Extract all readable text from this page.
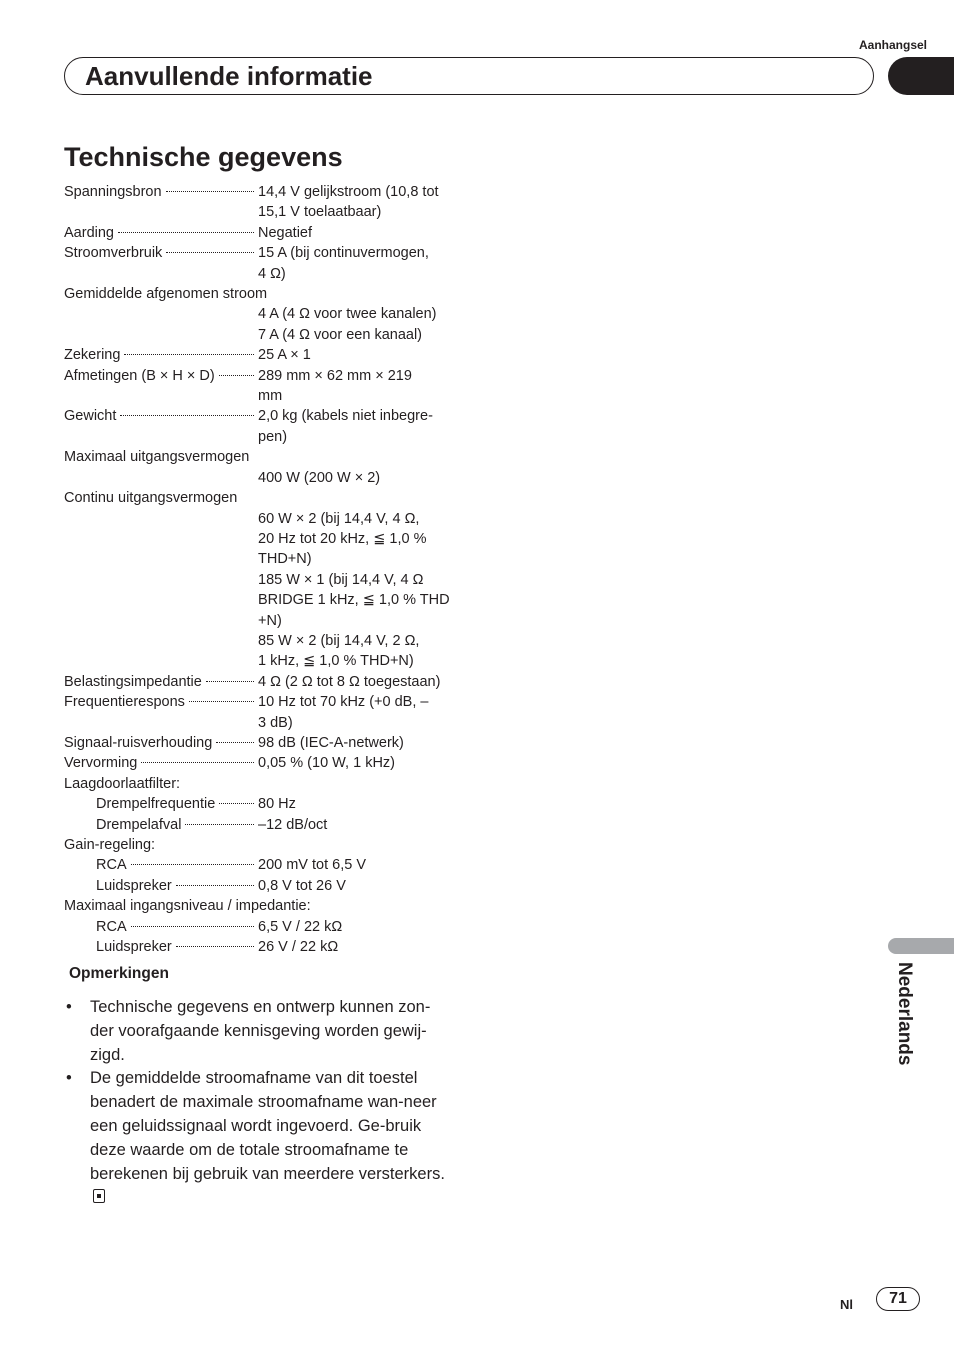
Aanhangsel
Aanvullende informatie
Technische gegevens
Spanningsbron	14,4 V gelijkstroom (10,8 tot
15,1 V toelaatbaar)
Aarding	Negatief
Stroomverbruik	15 A (bij continuvermogen,
4 Ω)
Gemiddelde afgenomen stroom
4 A (4 Ω voor twee kanalen)
7 A (4 Ω voor een kanaal)
Zekering	25 A × 1
Afmetingen (B × H × D)	289 mm × 62 mm × 219
mm
Gewicht	2,0 kg (kabels niet inbegre-
pen)
Maximaal uitgangsvermogen
400 W (200 W × 2)
Continu uitgangsvermogen
60 W × 2 (bij 14,4 V, 4 Ω,
20 Hz tot 20 kHz, ≦ 1,0 %
THD+N)
185 W × 1 (bij 14,4 V, 4 Ω
BRIDGE 1 kHz, ≦ 1,0 % THD
+N)
85 W × 2 (bij 14,4 V, 2 Ω,
1 kHz, ≦ 1,0 % THD+N)
Belastingsimpedantie	4 Ω (2 Ω tot 8 Ω toegestaan)
Frequentierespons	10 Hz tot 70 kHz (+0 dB, –
3 dB)
Signaal-ruisverhouding	98 dB (IEC-A-netwerk)
Vervorming	0,05 % (10 W, 1 kHz)
Laagdoorlaatfilter:
Drempelfrequentie	80 Hz
Drempelafval	–12 dB/oct
Gain-regeling:
RCA	200 mV tot 6,5 V
Luidspreker	0,8 V tot 26 V
Maximaal ingangsniveau / impedantie:
RCA	6,5 V / 22 kΩ
Luidspreker	26 V / 22 kΩ
Opmerkingen
• Technische gegevens en ontwerp kunnen zon-der voorafgaande kennisgeving worden gewij-zigd.
• De gemiddelde stroomafname van dit toestel benadert de maximale stroomafname wan-neer een geluidssignaal wordt ingevoerd. Ge-bruik deze waarde om de totale stroomafname te berekenen bij gebruik van meerdere versterkers.
Nederlands
Nl	71
